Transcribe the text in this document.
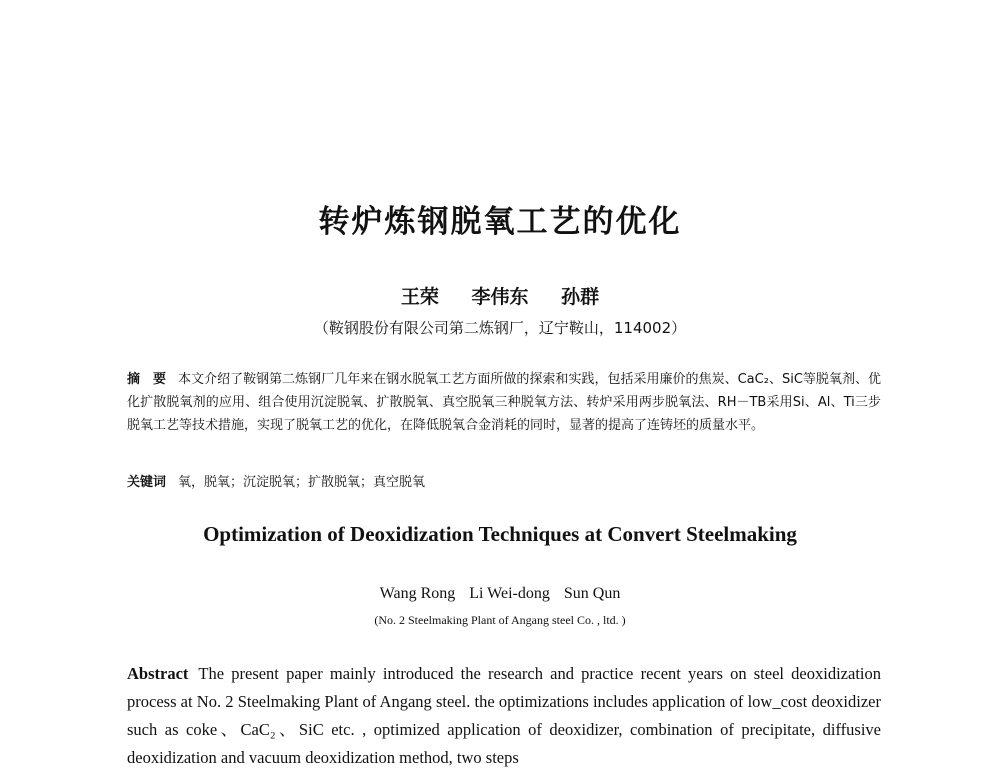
转炉炼钢脱氧工艺的优化
王荣 李伟东 孙群
（鞍钢股份有限公司第二炼钢厂，辽宁鞍山，114002）
摘　要 本文介绍了鞍钢第二炼钢厂几年来在钢水脱氧工艺方面所做的探索和实践，包括采用廉价的焦炭、CaC₂、SiC等脱氧剂、优化扩散脱氧剂的应用、组合使用沉淀脱氧、扩散脱氧、真空脱氧三种脱氧方法、转炉采用两步脱氧法、RH－TB采用Si、Al、Ti三步脱氧工艺等技术措施，实现了脱氧工艺的优化，在降低脱氧合金消耗的同时，显著的提高了连铸坯的质量水平。
关键词 氧，脱氧；沉淀脱氧；扩散脱氧；真空脱氧
Optimization of Deoxidization Techniques at Convert Steelmaking
Wang Rong Li Wei-dong Sun Qun
(No. 2 Steelmaking Plant of Angang steel Co. , ltd. )
Abstract The present paper mainly introduced the research and practice recent years on steel deoxidization process at No. 2 Steelmaking Plant of Angang steel. the optimizations includes application of low_cost deoxidizer such as coke、CaC₂、SiC etc. , optimized application of deoxidizer, combination of precipitate, diffusive deoxidization and vacuum deoxidization method, two steps
